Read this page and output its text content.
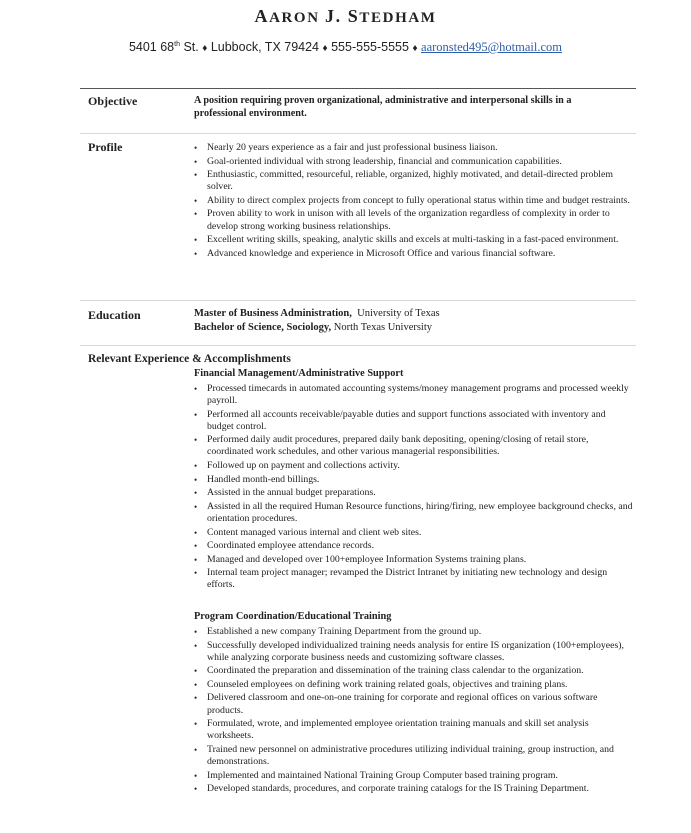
AARON J. STEDHAM
5401 68th St. ♦ Lubbock, TX 79424 ♦ 555-555-5555 ♦ aaronsted495@hotmail.com
Objective	A position requiring proven organizational, administrative and interpersonal skills in a professional environment.
Profile
•	Nearly 20 years experience as a fair and just professional business liaison.
• Goal-oriented individual with strong leadership, financial and communication capabilities.
• Enthusiastic, committed, resourceful, reliable, organized, highly motivated, and detail-directed problem solver.
• Ability to direct complex projects from concept to fully operational status within time and budget restraints.
• Proven ability to work in unison with all levels of the organization regardless of complexity in order to develop strong working business relationships.
• Excellent writing skills, speaking, analytic skills and excels at multi-tasking in a fast-paced environment.
• Advanced knowledge and experience in Microsoft Office and various financial software.
Education	Master of Business Administration, University of Texas
Bachelor of Science, Sociology, North Texas University
Relevant Experience & Accomplishments
Financial Management/Administrative Support
• Processed timecards in automated accounting systems/money management programs and processed weekly payroll.
• Performed all accounts receivable/payable duties and support functions associated with inventory and budget control.
• Performed daily audit procedures, prepared daily bank depositing, opening/closing of retail store, coordinated work schedules, and other various managerial responsibilities.
• Followed up on payment and collections activity.
• Handled month-end billings.
• Assisted in the annual budget preparations.
• Assisted in all the required Human Resource functions, hiring/firing, new employee background checks, and orientation procedures.
• Content managed various internal and client web sites.
• Coordinated employee attendance records.
• Managed and developed over 100+employee Information Systems training plans.
• Internal team project manager; revamped the District Intranet by initiating new technology and design efforts.
Program Coordination/Educational Training
• Established a new company Training Department from the ground up.
• Successfully developed individualized training needs analysis for entire IS organization (100+employees), while analyzing corporate business needs and customizing software classes.
• Coordinated the preparation and dissemination of the training class calendar to the organization.
• Counseled employees on defining work training related goals, objectives and training plans.
• Delivered classroom and one-on-one training for corporate and regional offices on various software products.
• Formulated, wrote, and implemented employee orientation training manuals and skill set analysis worksheets.
• Trained new personnel on administrative procedures utilizing individual training, group instruction, and demonstrations.
• Implemented and maintained National Training Group Computer based training program.
• Developed standards, procedures, and corporate training catalogs for the IS Training Department.
